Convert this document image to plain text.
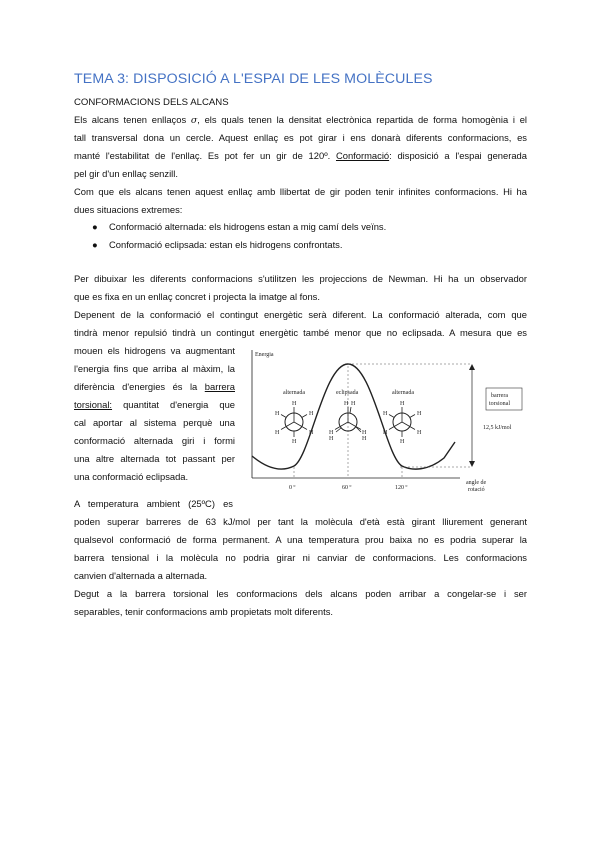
TEMA 3: DISPOSICIÓ A L'ESPAI DE LES MOLÈCULES
CONFORMACIONS DELS ALCANS
Els alcans tenen enllaços σ, els quals tenen la densitat electrònica repartida de forma homogènia i el
tall transversal dona un cercle. Aquest enllaç es pot girar i ens donarà diferents conformacions, es
manté l'estabilitat de l'enllaç. Es pot fer un gir de 120º. Conformació: disposició a l'espai generada
pel gir d'un enllaç senzill.
Com que els alcans tenen aquest enllaç amb llibertat de gir poden tenir infinites conformacions. Hi ha
dues situacions extremes:
● Conformació alternada: els hidrogens estan a mig camí dels veïns.
● Conformació eclipsada: estan els hidrogens confrontats.
Per dibuixar les diferents conformacions s'utilitzen les projeccions de Newman. Hi ha un observador
que es fixa en un enllaç concret i projecta la imatge al fons.
Depenent de la conformació el contingut energètic serà diferent. La conformació alterada, com que
tindrà menor repulsió tindrà un contingut energètic també menor que no eclipsada. A mesura que es
mouen els hidrogens va augmentant
l'energia fins que arriba al màxim, la
diferència d'energies és la barrera
torsional: quantitat d'energia que
cal aportar al sistema perquè una
conformació alternada giri i formi
una altre alternada tot passant per
una conformació eclipsada.
Energia
barrera
torsional
12,5 kJ/mol
alternada	eclipsada	alternada
H
H	H
H	H
H
H H
H
H
H
H
H
H	H
H	H
H
0 º	60 º	120 º
angle de
rotació
A temperatura ambient (25ºC) es
poden superar barreres de 63 kJ/mol per tant la molècula d'età està girant lliurement generant
qualsevol conformació de forma permanent. A una temperatura prou baixa no es podria superar la
barrera tensional i la molècula no podria girar ni canviar de conformacions. Les conformacions
canvien d'alternada a alternada.
Degut a la barrera torsional les conformacions dels alcans poden arribar a congelar-se i ser
separables, tenir conformacions amb propietats molt diferents.
